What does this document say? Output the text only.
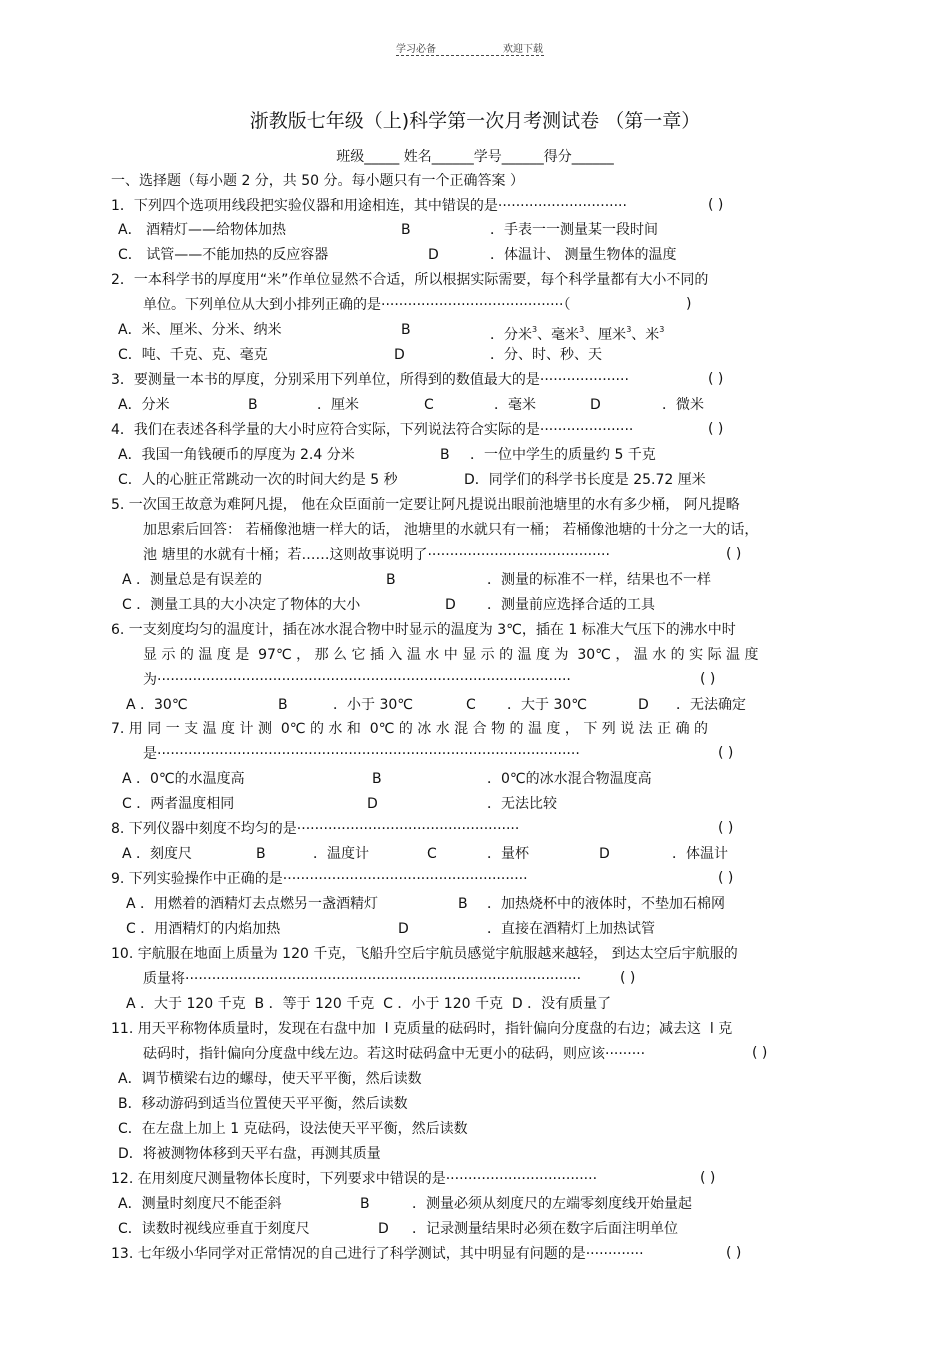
学习必备	欢迎下载
浙教版七年级（上)科学第一次月考测试卷 （第一章）
班级_____ 姓名______学号______得分______
一、选择题（每小题 2 分，共 50 分。每小题只有一个正确答案 ）
1．下列四个选项用线段把实验仪器和用途相连，其中错误的是·····························	( )
A． 酒精灯——给物体加热	B	．手表一一测量某一段时间
C． 试管——不能加热的反应容器	D	．体温计、 测量生物体的温度
2．一本科学书的厚度用“米”作单位显然不合适，所以根据实际需要，每个科学量都有大小不同的
单位。下列单位从大到小排列正确的是·········································（	)
A．米、厘米、分米、纳米	B	．分米$^3$、毫米$^3$、厘米$^3$、米$^3$
C．吨、千克、克、毫克	D	．分、时、秒、天
3．要测量一本书的厚度，分别采用下列单位，所得到的数值最大的是····················	( )
A．分米	B	．厘米	C	．毫米	D	．微米
4．我们在表述各科学量的大小时应符合实际，下列说法符合实际的是·····················	( )
A．我国一角钱硬币的厚度为 2.4 分米	B ．一位中学生的质量约 5 千克
C．人的心脏正常跳动一次的时间大约是 5 秒	D．同学们的科学书长度是 25.72 厘米
5. 一次国王故意为难阿凡提， 他在众臣面前一定要让阿凡提说出眼前池塘里的水有多少桶， 阿凡提略
加思索后回答： 若桶像池塘一样大的话， 池塘里的水就只有一桶； 若桶像池塘的十分之一大的话，
池 塘里的水就有十桶；若……这则故事说明了·········································	( )
A ．测量总是有误差的	B	．测量的标准不一样，结果也不一样
C ．测量工具的大小决定了物体的大小	D ．测量前应选择合适的工具
6. 一支刻度均匀的温度计，插在冰水混合物中时显示的温度为 3℃，插在 1 标准大气压下的沸水中时
显 示 的 温 度 是  97℃ ， 那 么 它 插 入 温 水 中 显 示 的 温 度 为  30℃ ， 温 水 的 实 际 温 度
为·····························································································	( )
A ．30℃	B	．小于 30℃	C ．大于 30℃	D ．无法确定
7. 用 同 一 支 温 度 计 测  0℃ 的 水 和  0℃ 的 冰 水 混 合 物 的 温 度 ， 下 列 说 法 正 确 的
是·······························································································	( )
A ．0℃的水温度高	B	．0℃的冰水混合物温度高
C ．两者温度相同	D	．无法比较
8. 下列仪器中刻度不均匀的是··················································	( )
A ．刻度尺	B	．温度计	C	．量杯	D	．体温计
9. 下列实验操作中正确的是·······················································	( )
A ．用燃着的酒精灯去点燃另一盏酒精灯	B ．加热烧杯中的液体时，不垫加石棉网
C ．用酒精灯的内焰加热	D	．直接在酒精灯上加热试管
10. 宇航服在地面上质量为 120 千克，飞船升空后宇航员感觉宇航服越来越轻， 到达太空后宇航服的
质量将·························································································	( )
A ．大于 120 千克  B ．等于 120 千克  C ．小于 120 千克  D ．没有质量了
11. 用天平称物体质量时，发现在右盘中加  l 克质量的砝码时，指针偏向分度盘的右边；减去这  l 克
砝码时，指针偏向分度盘中线左边。若这时砝码盒中无更小的砝码，则应该·········	( )
A．调节横梁右边的螺母，使天平平衡，然后读数
B．移动游码到适当位置使天平平衡，然后读数
C．在左盘上加上 1 克砝码，设法使天平平衡，然后读数
D．将被测物体移到天平右盘，再测其质量
12. 在用刻度尺测量物体长度时，下列要求中错误的是··································	( )
A．测量时刻度尺不能歪斜	B	．测量必须从刻度尺的左端零刻度线开始量起
C．读数时视线应垂直于刻度尺	D ．记录测量结果时必须在数字后面注明单位
13. 七年级小华同学对正常情况的自己进行了科学测试，其中明显有问题的是·············	( )
